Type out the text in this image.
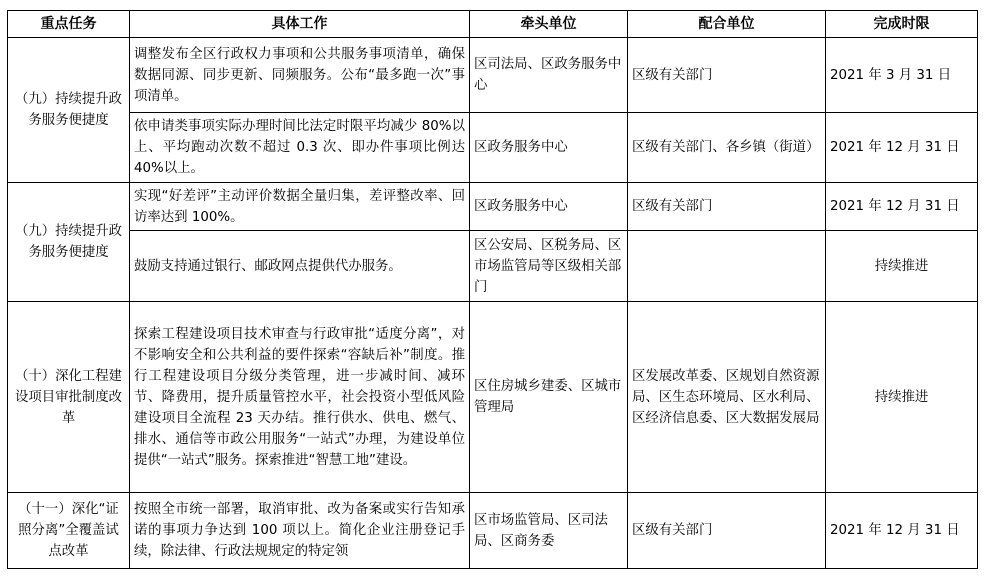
重点任务	具体工作	牵头单位	配合单位	完成时限
（九）持续提升政务服务便捷度	调整发布全区行政权力事项和公共服务事项清单，确保数据同源、同步更新、同频服务。公布“最多跑一次”事项清单。	区司法局、区政务服务中心	区级有关部门	2021 年 3 月 31 日
	依申请类事项实际办理时间比法定时限平均减少 80%以上、平均跑动次数不超过 0.3 次、即办件事项比例达 40%以上。	区政务服务中心	区级有关部门、各乡镇（街道）	2021 年 12 月 31 日
（九）持续提升政务服务便捷度	实现“好差评”主动评价数据全量归集，差评整改率、回访率达到 100%。	区政务服务中心	区级有关部门	2021 年 12 月 31 日
	鼓励支持通过银行、邮政网点提供代办服务。	区公安局、区税务局、区市场监管局等区级相关部门		持续推进
（十）深化工程建设项目审批制度改革	探索工程建设项目技术审查与行政审批“适度分离”，对不影响安全和公共利益的要件探索“容缺后补”制度。推行工程建设项目分级分类管理，进一步减时间、减环节、降费用，提升质量管控水平，社会投资小型低风险建设项目全流程 23 天办结。推行供水、供电、燃气、排水、通信等市政公用服务“一站式”办理，为建设单位提供“一站式”服务。探索推进“智慧工地”建设。	区住房城乡建委、区城市管理局	区发展改革委、区规划自然资源局、区生态环境局、区水利局、区经济信息委、区大数据发展局	持续推进
（十一）深化“证照分离”全覆盖试点改革	按照全市统一部署，取消审批、改为备案或实行告知承诺的事项力争达到 100 项以上。简化企业注册登记手续，除法律、行政法规规定的特定领	区市场监管局、区司法局、区商务委	区级有关部门	2021 年 12 月 31 日
